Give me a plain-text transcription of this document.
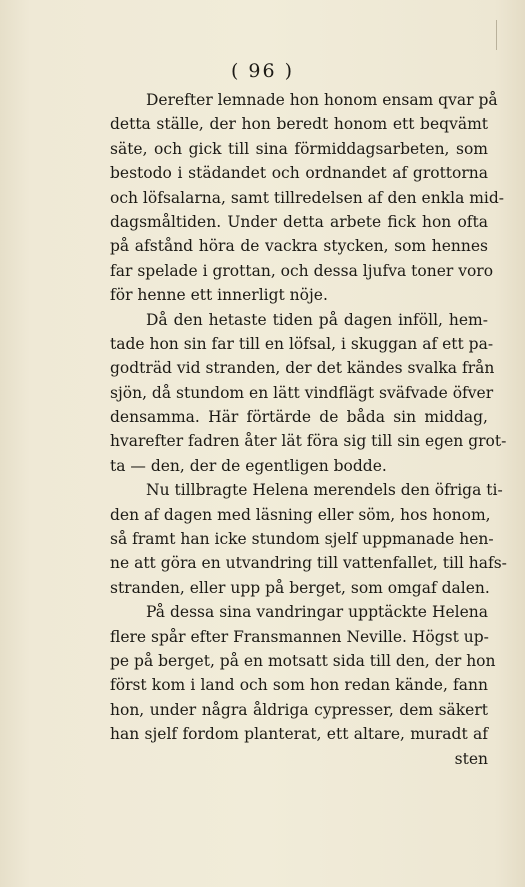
( 96 )
Derefter lemnade hon honom ensam qvar på
detta ställe, der hon beredt honom ett beqvämt
säte, och gick till sina förmiddagsarbeten, som
bestodo i städandet och ordnandet af grottorna
och löfsalarna, samt tillredelsen af den enkla mid-
dagsmåltiden. Under detta arbete fick hon ofta
på afstånd höra de vackra stycken, som hennes
far spelade i grottan, och dessa ljufva toner voro
för henne ett innerligt nöje.
Då den hetaste tiden på dagen inföll, hem-
tade hon sin far till en löfsal, i skuggan af ett pa-
godträd vid stranden, der det kändes svalka från
sjön, då stundom en lätt vindflägt sväfvade öfver
densamma. Här förtärde de båda sin middag,
hvarefter fadren åter lät föra sig till sin egen grot-
ta — den, der de egentligen bodde.
Nu tillbragte Helena merendels den öfriga ti-
den af dagen med läsning eller söm, hos honom,
så framt han icke stundom sjelf uppmanade hen-
ne att göra en utvandring till vattenfallet, till hafs-
stranden, eller upp på berget, som omgaf dalen.
På dessa sina vandringar upptäckte Helena
flere spår efter Fransmannen Neville. Högst up-
pe på berget, på en motsatt sida till den, der hon
först kom i land och som hon redan kände, fann
hon, under några åldriga cypresser, dem säkert
han sjelf fordom planterat, ett altare, muradt af
sten
